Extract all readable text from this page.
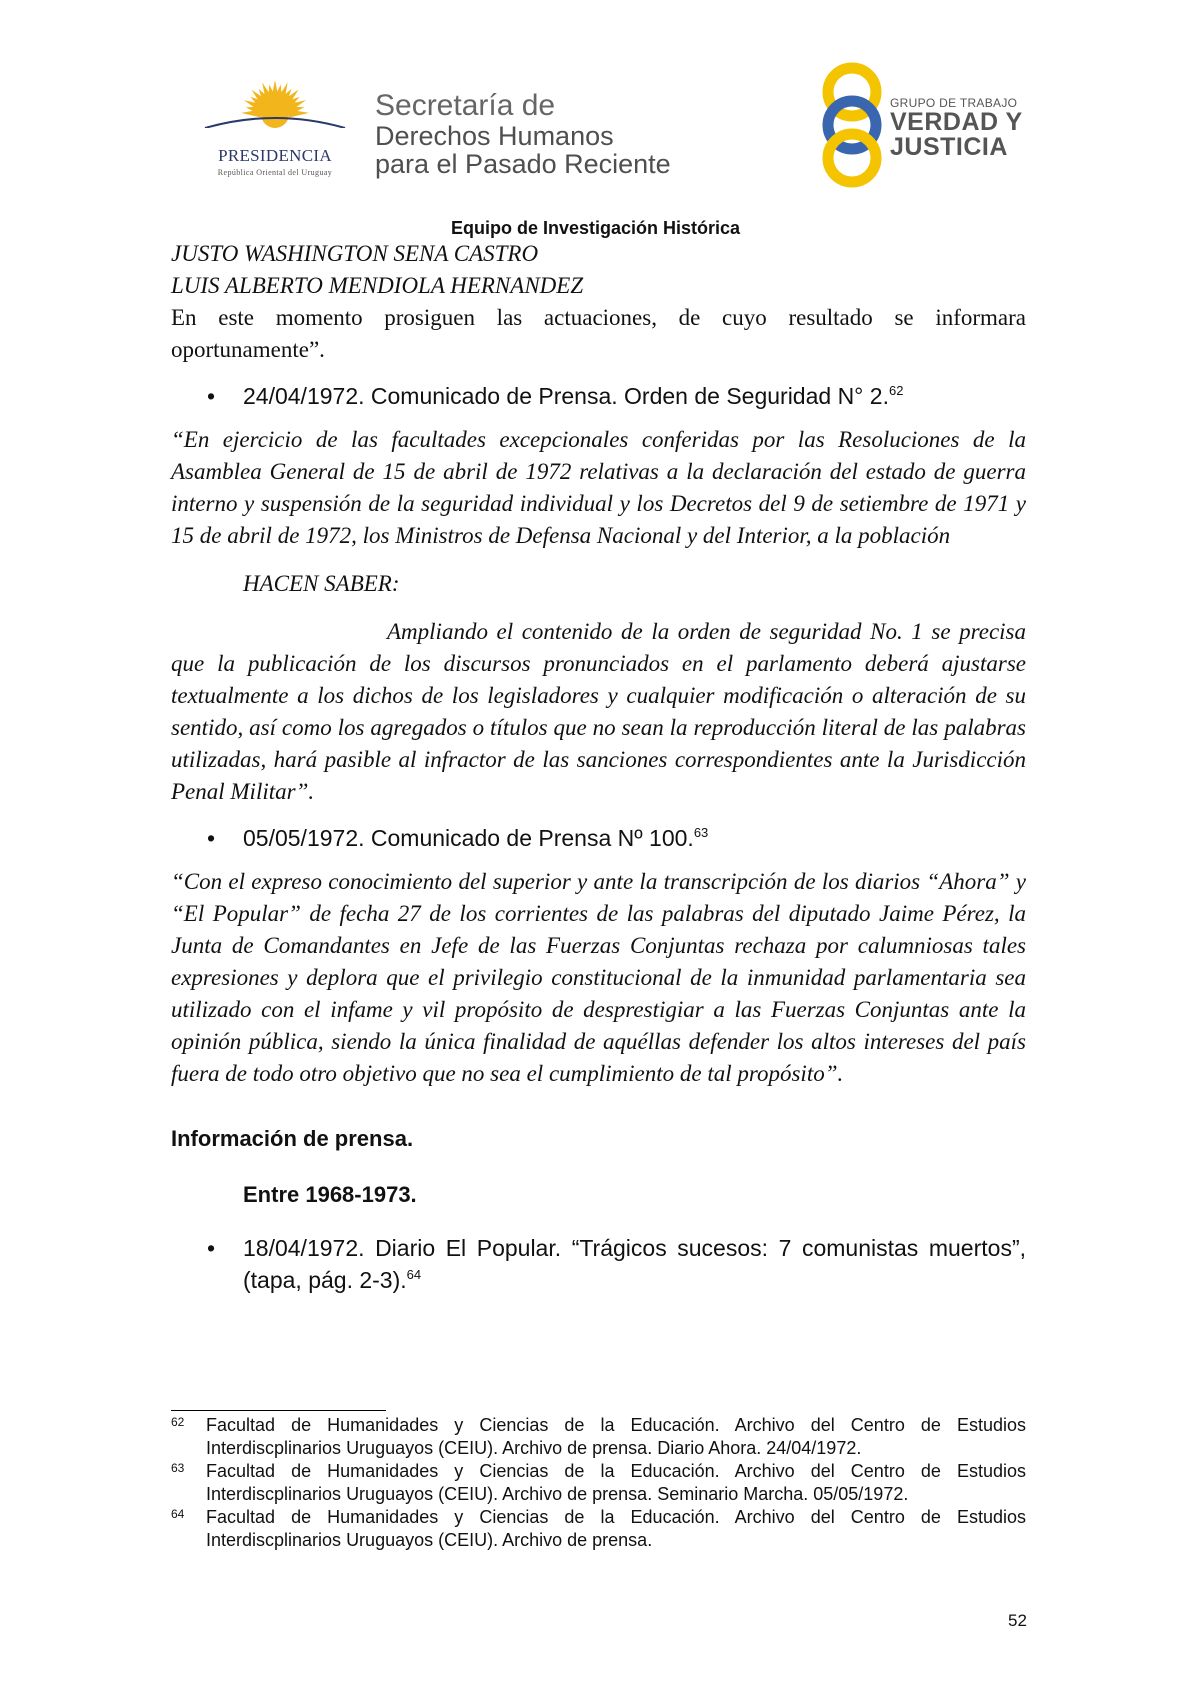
PRESIDENCIA
República Oriental del Uruguay
Secretaría de
Derechos Humanos
para el Pasado Reciente
GRUPO DE TRABAJO
VERDAD Y
JUSTICIA
Equipo de Investigación Histórica

JUSTO WASHINGTON SENA CASTRO

LUIS ALBERTO MENDIOLA HERNANDEZ

En este momento prosiguen las actuaciones, de cuyo resultado se informara oportunamente”.

• 24/04/1972. Comunicado de Prensa. Orden de Seguridad N° 2.62

“En ejercicio de las facultades excepcionales conferidas por las Resoluciones de la Asamblea General de 15 de abril de 1972 relativas a la declaración del estado de guerra interno y suspensión de la seguridad individual y los Decretos del 9 de setiembre de 1971 y 15 de abril de 1972, los Ministros de Defensa Nacional y del Interior, a la población

HACEN SABER:

Ampliando el contenido de la orden de seguridad No. 1 se precisa que la publicación de los discursos pronunciados en el parlamento deberá ajustarse textualmente a los dichos de los legisladores y cualquier modificación o alteración de su sentido, así como los agregados o títulos que no sean la reproducción literal de las palabras utilizadas, hará pasible al infractor de las sanciones correspondientes ante la Jurisdicción Penal Militar”.

• 05/05/1972. Comunicado de Prensa Nº 100.63

“Con el expreso conocimiento del superior y ante la transcripción de los diarios “Ahora” y “El Popular” de fecha 27 de los corrientes de las palabras del diputado Jaime Pérez, la Junta de Comandantes en Jefe de las Fuerzas Conjuntas rechaza por calumniosas tales expresiones y deplora que el privilegio constitucional de la inmunidad parlamentaria sea utilizado con el infame y vil propósito de desprestigiar a las Fuerzas Conjuntas ante la opinión pública, siendo la única finalidad de aquéllas defender los altos intereses del país fuera de todo otro objetivo que no sea el cumplimiento de tal propósito”.

Información de prensa.

Entre 1968-1973.

• 18/04/1972. Diario El Popular. “Trágicos sucesos: 7 comunistas muertos”, (tapa, pág. 2-3).$^{64}$

62 Facultad de Humanidades y Ciencias de la Educación. Archivo del Centro de Estudios Interdiscplinarios Uruguayos (CEIU). Archivo de prensa. Diario Ahora. 24/04/1972.

63 Facultad de Humanidades y Ciencias de la Educación. Archivo del Centro de Estudios Interdiscplinarios Uruguayos (CEIU). Archivo de prensa. Seminario Marcha. 05/05/1972.

64 Facultad de Humanidades y Ciencias de la Educación. Archivo del Centro de Estudios Interdiscplinarios Uruguayos (CEIU). Archivo de prensa.

52
